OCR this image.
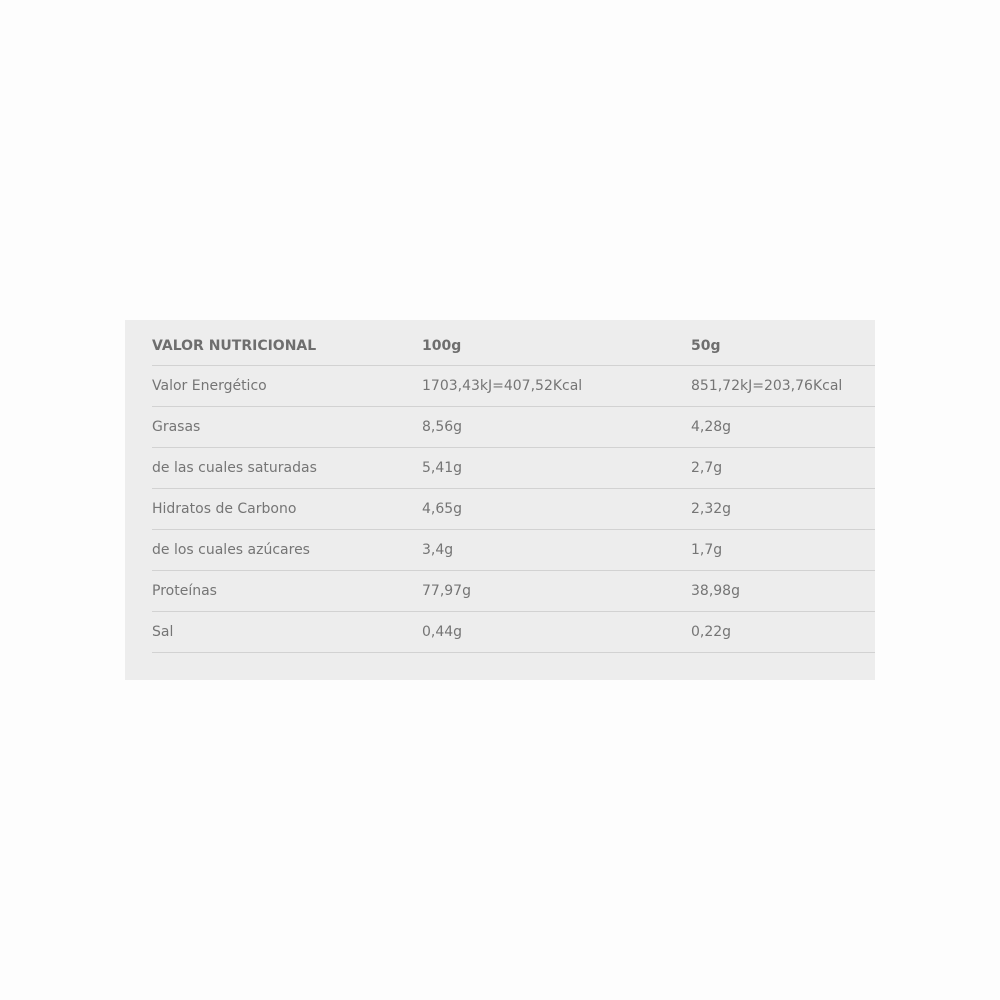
VALOR NUTRICIONAL	100g	50g
Valor Energético	1703,43kJ=407,52Kcal	851,72kJ=203,76Kcal
Grasas	8,56g	4,28g
de las cuales saturadas	5,41g	2,7g
Hidratos de Carbono	4,65g	2,32g
de los cuales azúcares	3,4g	1,7g
Proteínas	77,97g	38,98g
Sal	0,44g	0,22g
